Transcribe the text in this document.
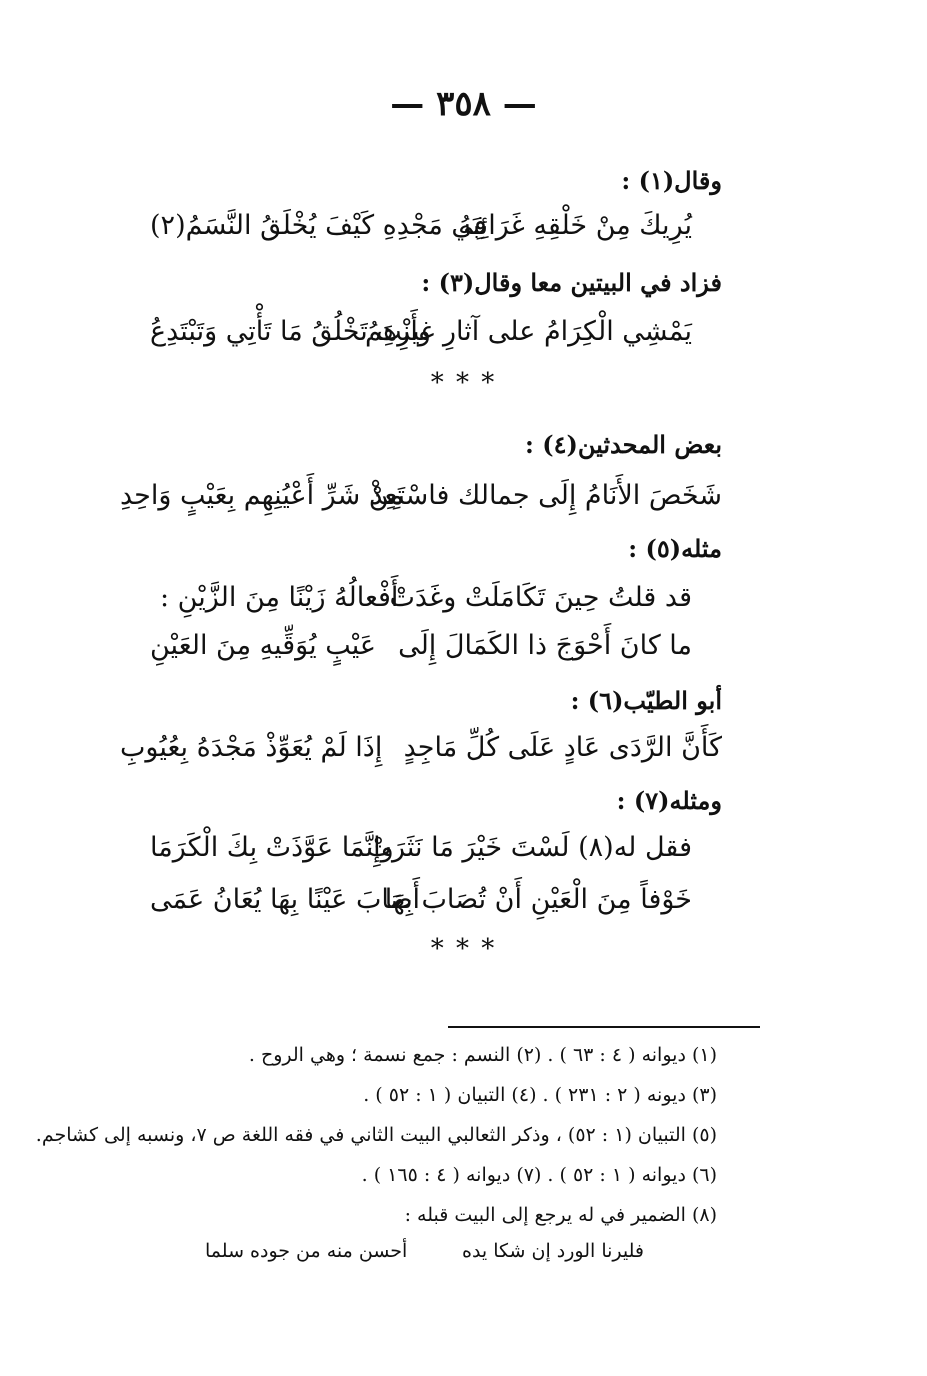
— ٣٥٨ —
وقال(١) :
يُرِيكَ مِنْ خَلْقِهِ غَرَائِبَهُ
فِي مَجْدِهِ كَيْفَ يُخْلَقُ النَّسَمُ(٢)
فزاد في البيتين معا وقال(٣) :
يَمْشِي الْكِرَامُ على آثارِ غيرِهِمُ
وأَنْتَ تَخْلُقُ مَا تَأْتِي وَتَبْتَدِعُ
* * *
بعض المحدثين(٤) :
شَخَصَ الأَنَامُ إِلَى جمالك فاسْتَعِذْ
مِنْ شَرِّ أَعْيُنِهِم بِعَيْبٍ وَاحِدِ
مثله(٥) :
قد قلتُ حِينَ تَكَامَلَتْ وغَدَتْ
أَفْعالُهُ زَيْنًا مِنَ الزَّيْنِ :
ما كانَ أَحْوَجَ ذا الكَمَالَ إِلَى
عَيْبٍ يُوَقِّيهِ مِنَ العَيْنِ
أبو الطيّب(٦) :
كَأَنَّ الرَّدَى عَادٍ عَلَى كُلِّ مَاجِدٍ
إِذَا لَمْ يُعَوِّذْ مَجْدَهُ بِعُيُوبِ
ومثله(٧) :
فقل له(٨) لَسْتَ خَيْرَ مَا نَثَرَتْ
وإِنَّمَا عَوَّذَتْ بِكَ الْكَرَمَا
خَوْفاً مِنَ الْعَيْنِ أَنْ تُصَابَ بِهَا
أَصَابَ عَيْنًا بِهَا يُعَانُ عَمَى
* * *
(١) ديوانه ( ٤ : ٦٣ ) . (٢) النسم : جمع نسمة ؛ وهي الروح .
(٣) ديونه ( ٢ : ٢٣١ ) . (٤) التبيان ( ١ : ٥٢ ) .
(٥) التبيان (١ : ٥٢) ، وذكر الثعالبي البيت الثاني في فقه اللغة ص ٧، ونسبه إلى كشاجم.
(٦) ديوانه ( ١ : ٥٢ ) . (٧) ديوانه ( ٤ : ١٦٥ ) .
(٨) الضمير في له يرجع إلى البيت قبله :
فليرنا الورد إن شكا يده
أحسن منه من جوده سلما
